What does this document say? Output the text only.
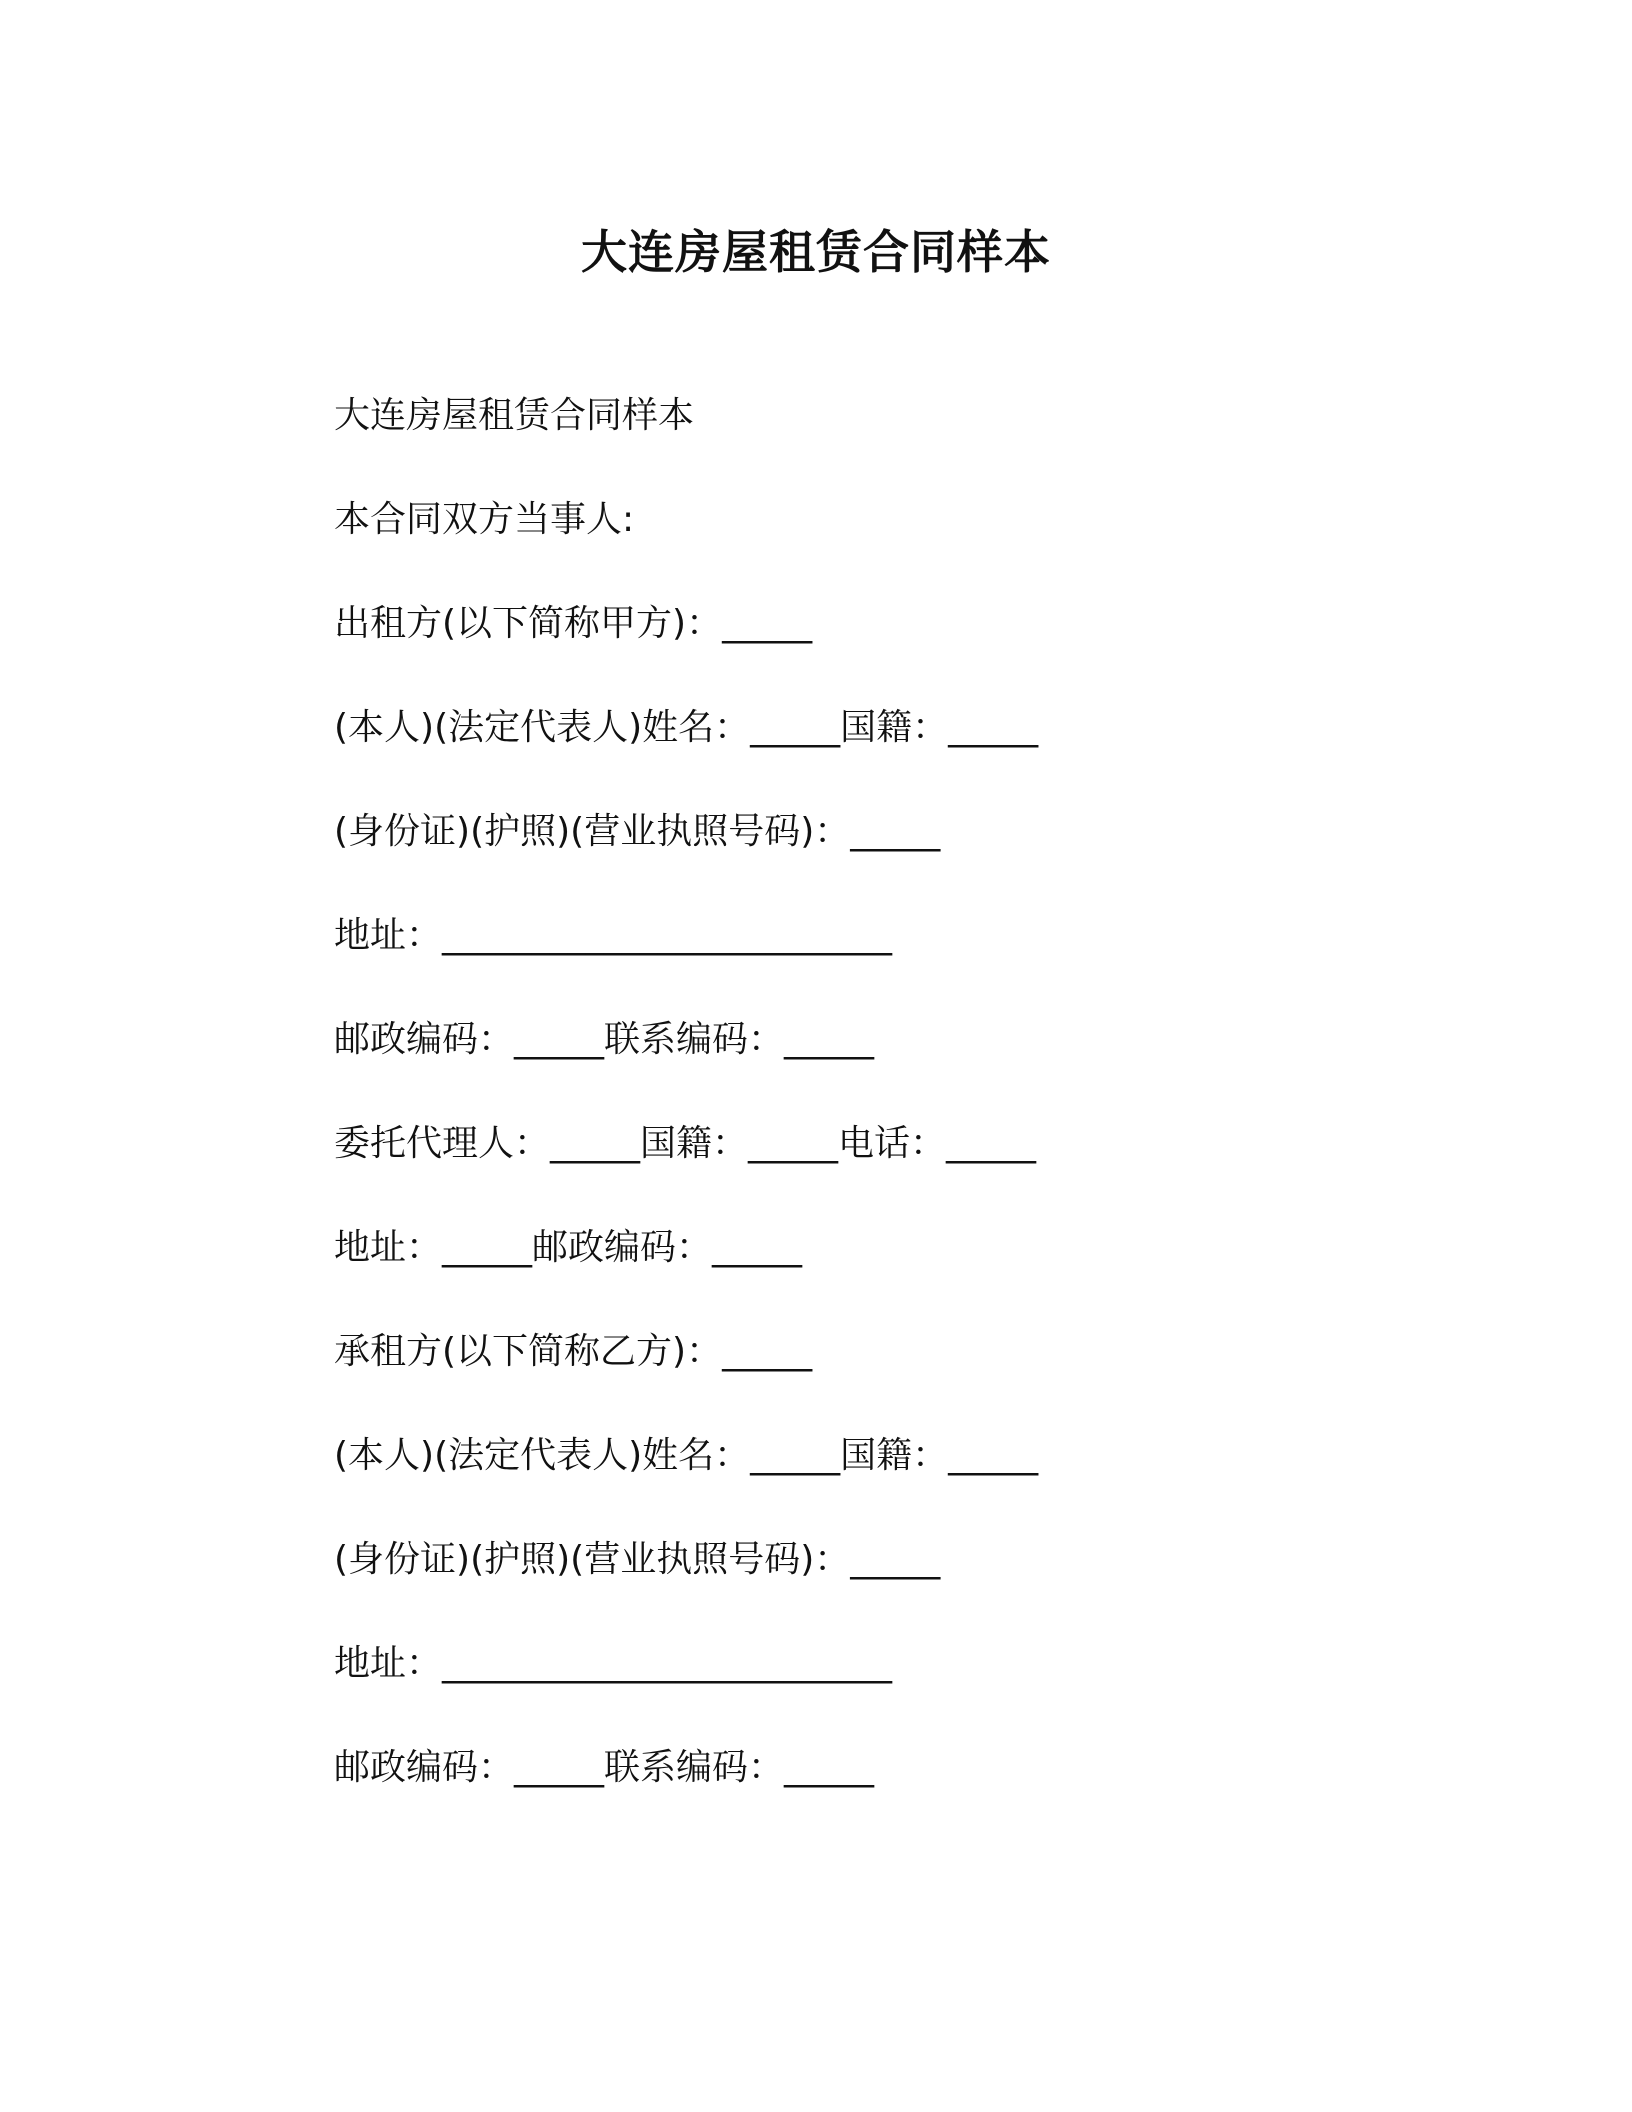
大连房屋租赁合同样本

大连房屋租赁合同样本

本合同双方当事人:

出租方(以下简称甲方)：_____

(本人)(法定代表人)姓名：_____国籍：_____

(身份证)(护照)(营业执照号码)：_____

地址：_________________________

邮政编码：_____联系编码：_____

委托代理人：_____国籍：_____电话：_____

地址：_____邮政编码：_____

承租方(以下简称乙方)：_____

(本人)(法定代表人)姓名：_____国籍：_____

(身份证)(护照)(营业执照号码)：_____

地址：_________________________

邮政编码：_____联系编码：_____
